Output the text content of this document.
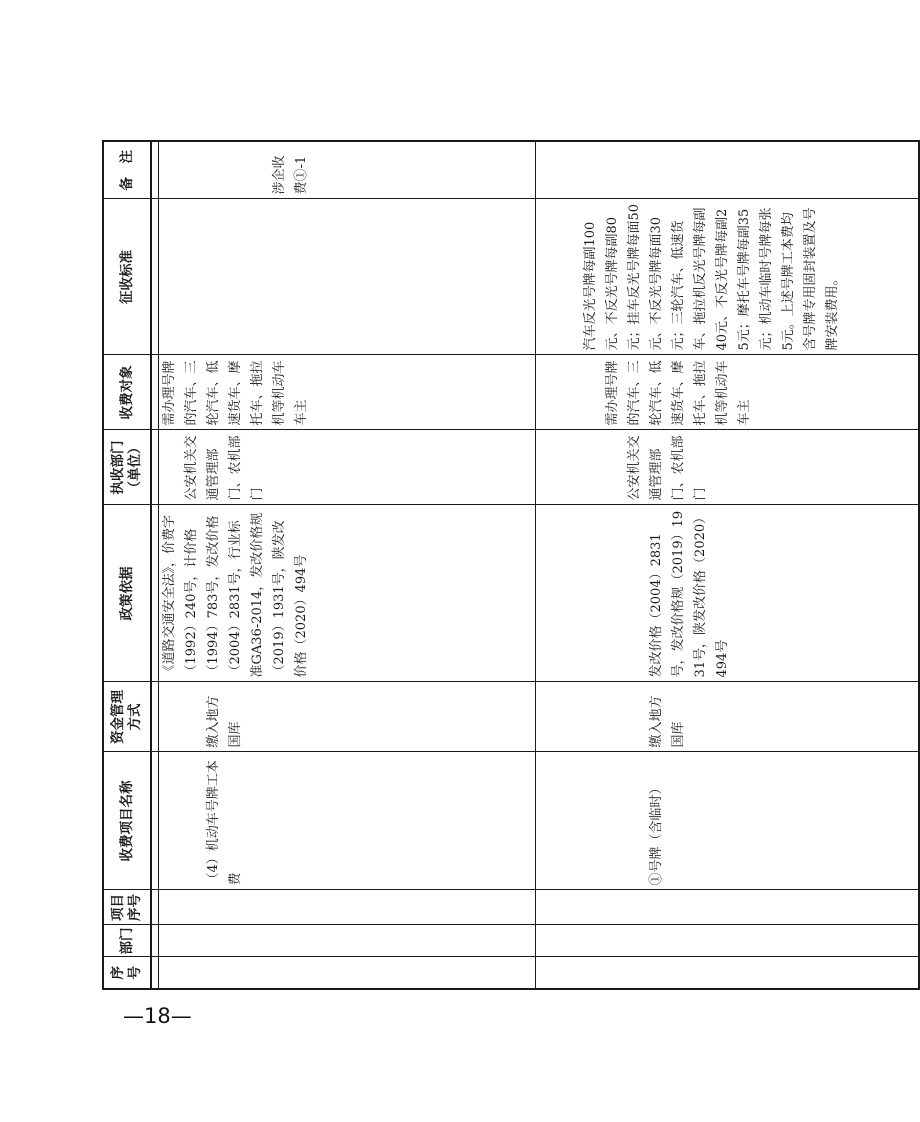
序号	部门	项目序号	收费项目名称	资金管理方式	政策依据	执收部门（单位）	收费对象	征收标准	备　注

			（4）机动车号牌工本费	缴入地方国库	《道路交通安全法》，价费字（1992）240号，计价格（1994）783号，发改价格（2004）2831号，行业标准GA36-2014，发改价格规（2019）1931号，陕发改价格（2020）494号	公安机关交通管理部门、农机部门	需办理号牌的汽车、三轮汽车、低速货车、摩托车、拖拉机等机动车车主		涉企收费①-1
			①号牌（含临时）	缴入地方国库	发改价格（2004）2831号，发改价格规（2019）1931号，陕发改价格（2020）494号	公安机关交通管理部门、农机部门	需办理号牌的汽车、三轮汽车、低速货车、摩托车、拖拉机等机动车车主	汽车反光号牌每副100元、不反光号牌每副80元；挂车反光号牌每面50元、不反光号牌每面30元；三轮汽车、低速货车、拖拉机反光号牌每副40元、不反光号牌每副25元；摩托车号牌每副35元；机动车临时号牌每张5元。上述号牌工本费均含号牌专用固封装置及号牌安装费用。	
—18—
